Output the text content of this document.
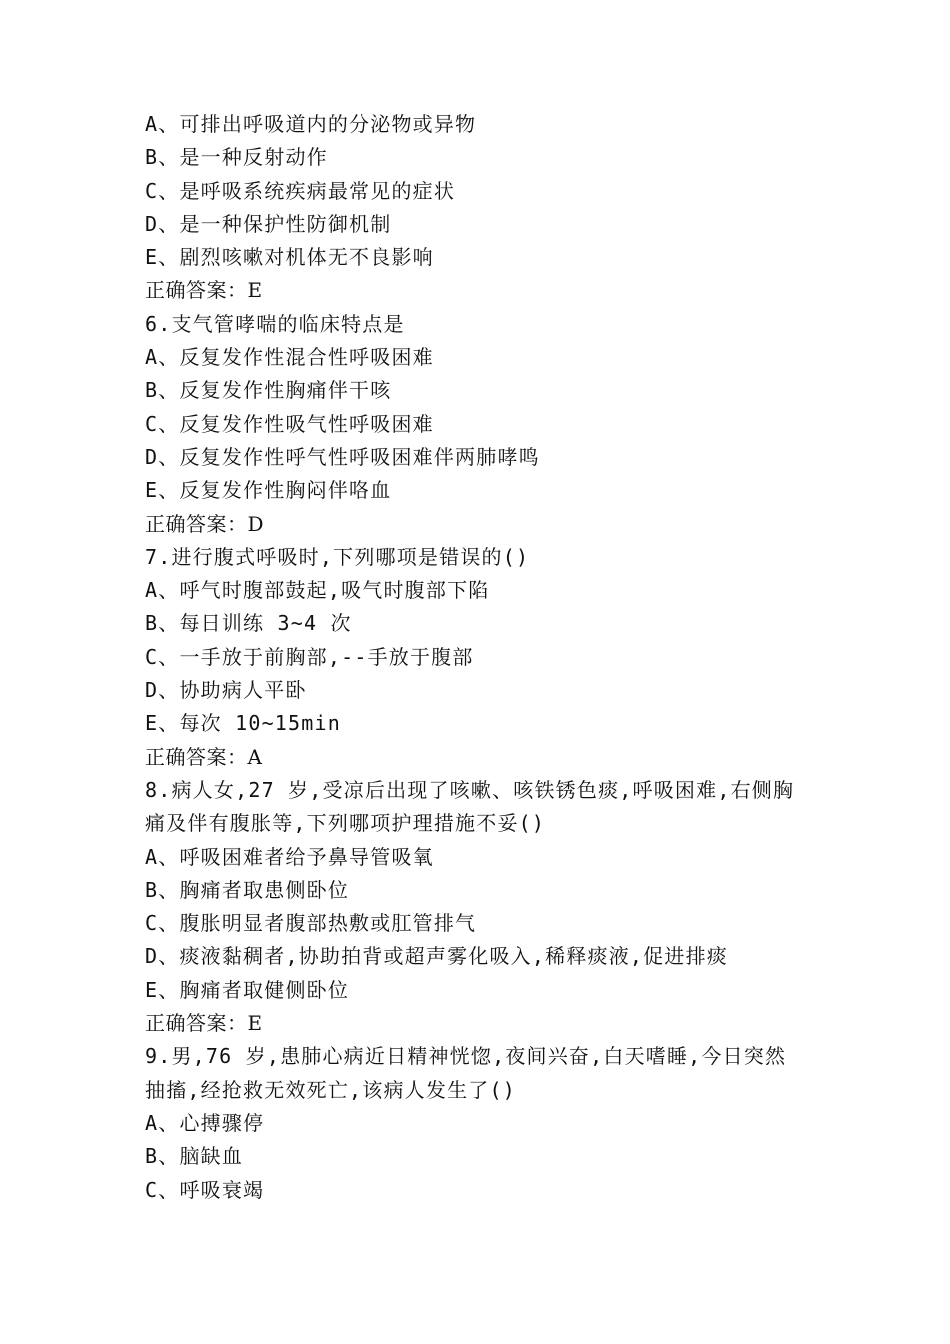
A、可排出呼吸道内的分泌物或异物
B、是一种反射动作
C、是呼吸系统疾病最常见的症状
D、是一种保护性防御机制
E、剧烈咳嗽对机体无不良影响
正确答案：E
6.支气管哮喘的临床特点是
A、反复发作性混合性呼吸困难
B、反复发作性胸痛伴干咳
C、反复发作性吸气性呼吸困难
D、反复发作性呼气性呼吸困难伴两肺哮鸣
E、反复发作性胸闷伴咯血
正确答案：D
7.进行腹式呼吸时,下列哪项是错误的()
A、呼气时腹部鼓起,吸气时腹部下陷
B、每日训练 3~4 次
C、一手放于前胸部,--手放于腹部
D、协助病人平卧
E、每次 10~15min
正确答案：A
8.病人女,27 岁,受凉后出现了咳嗽、咳铁锈色痰,呼吸困难,右侧胸
痛及伴有腹胀等,下列哪项护理措施不妥()
A、呼吸困难者给予鼻导管吸氧
B、胸痛者取患侧卧位
C、腹胀明显者腹部热敷或肛管排气
D、痰液黏稠者,协助拍背或超声雾化吸入,稀释痰液,促进排痰
E、胸痛者取健侧卧位
正确答案：E
9.男,76 岁,患肺心病近日精神恍惚,夜间兴奋,白天嗜睡,今日突然
抽搐,经抢救无效死亡,该病人发生了()
A、心搏骤停
B、脑缺血
C、呼吸衰竭
